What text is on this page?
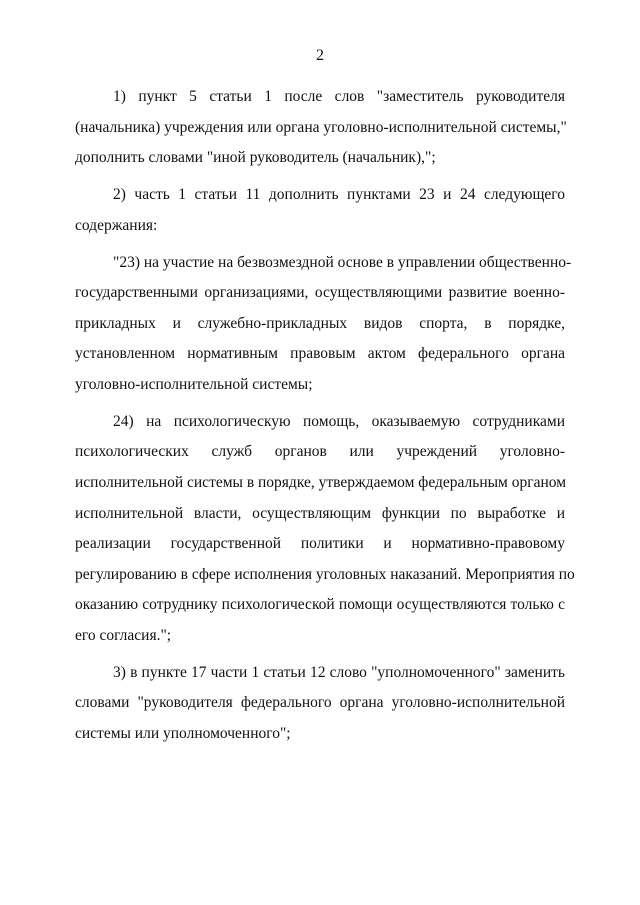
2
1) пункт 5 статьи 1 после слов "заместитель руководителя
(начальника) учреждения или органа уголовно-исполнительной системы,"
дополнить словами "иной руководитель (начальник),";
2) часть 1 статьи 11 дополнить пунктами 23 и 24 следующего
содержания:
"23) на участие на безвозмездной основе в управлении общественно-
государственными организациями, осуществляющими развитие военно-
прикладных и служебно-прикладных видов спорта, в порядке,
установленном нормативным правовым актом федерального органа
уголовно-исполнительной системы;
24) на психологическую помощь, оказываемую сотрудниками
психологических служб органов или учреждений уголовно-
исполнительной системы в порядке, утверждаемом федеральным органом
исполнительной власти, осуществляющим функции по выработке и
реализации государственной политики и нормативно-правовому
регулированию в сфере исполнения уголовных наказаний. Мероприятия по
оказанию сотруднику психологической помощи осуществляются только с
его согласия.";
3) в пункте 17 части 1 статьи 12 слово "уполномоченного" заменить
словами "руководителя федерального органа уголовно-исполнительной
системы или уполномоченного";
